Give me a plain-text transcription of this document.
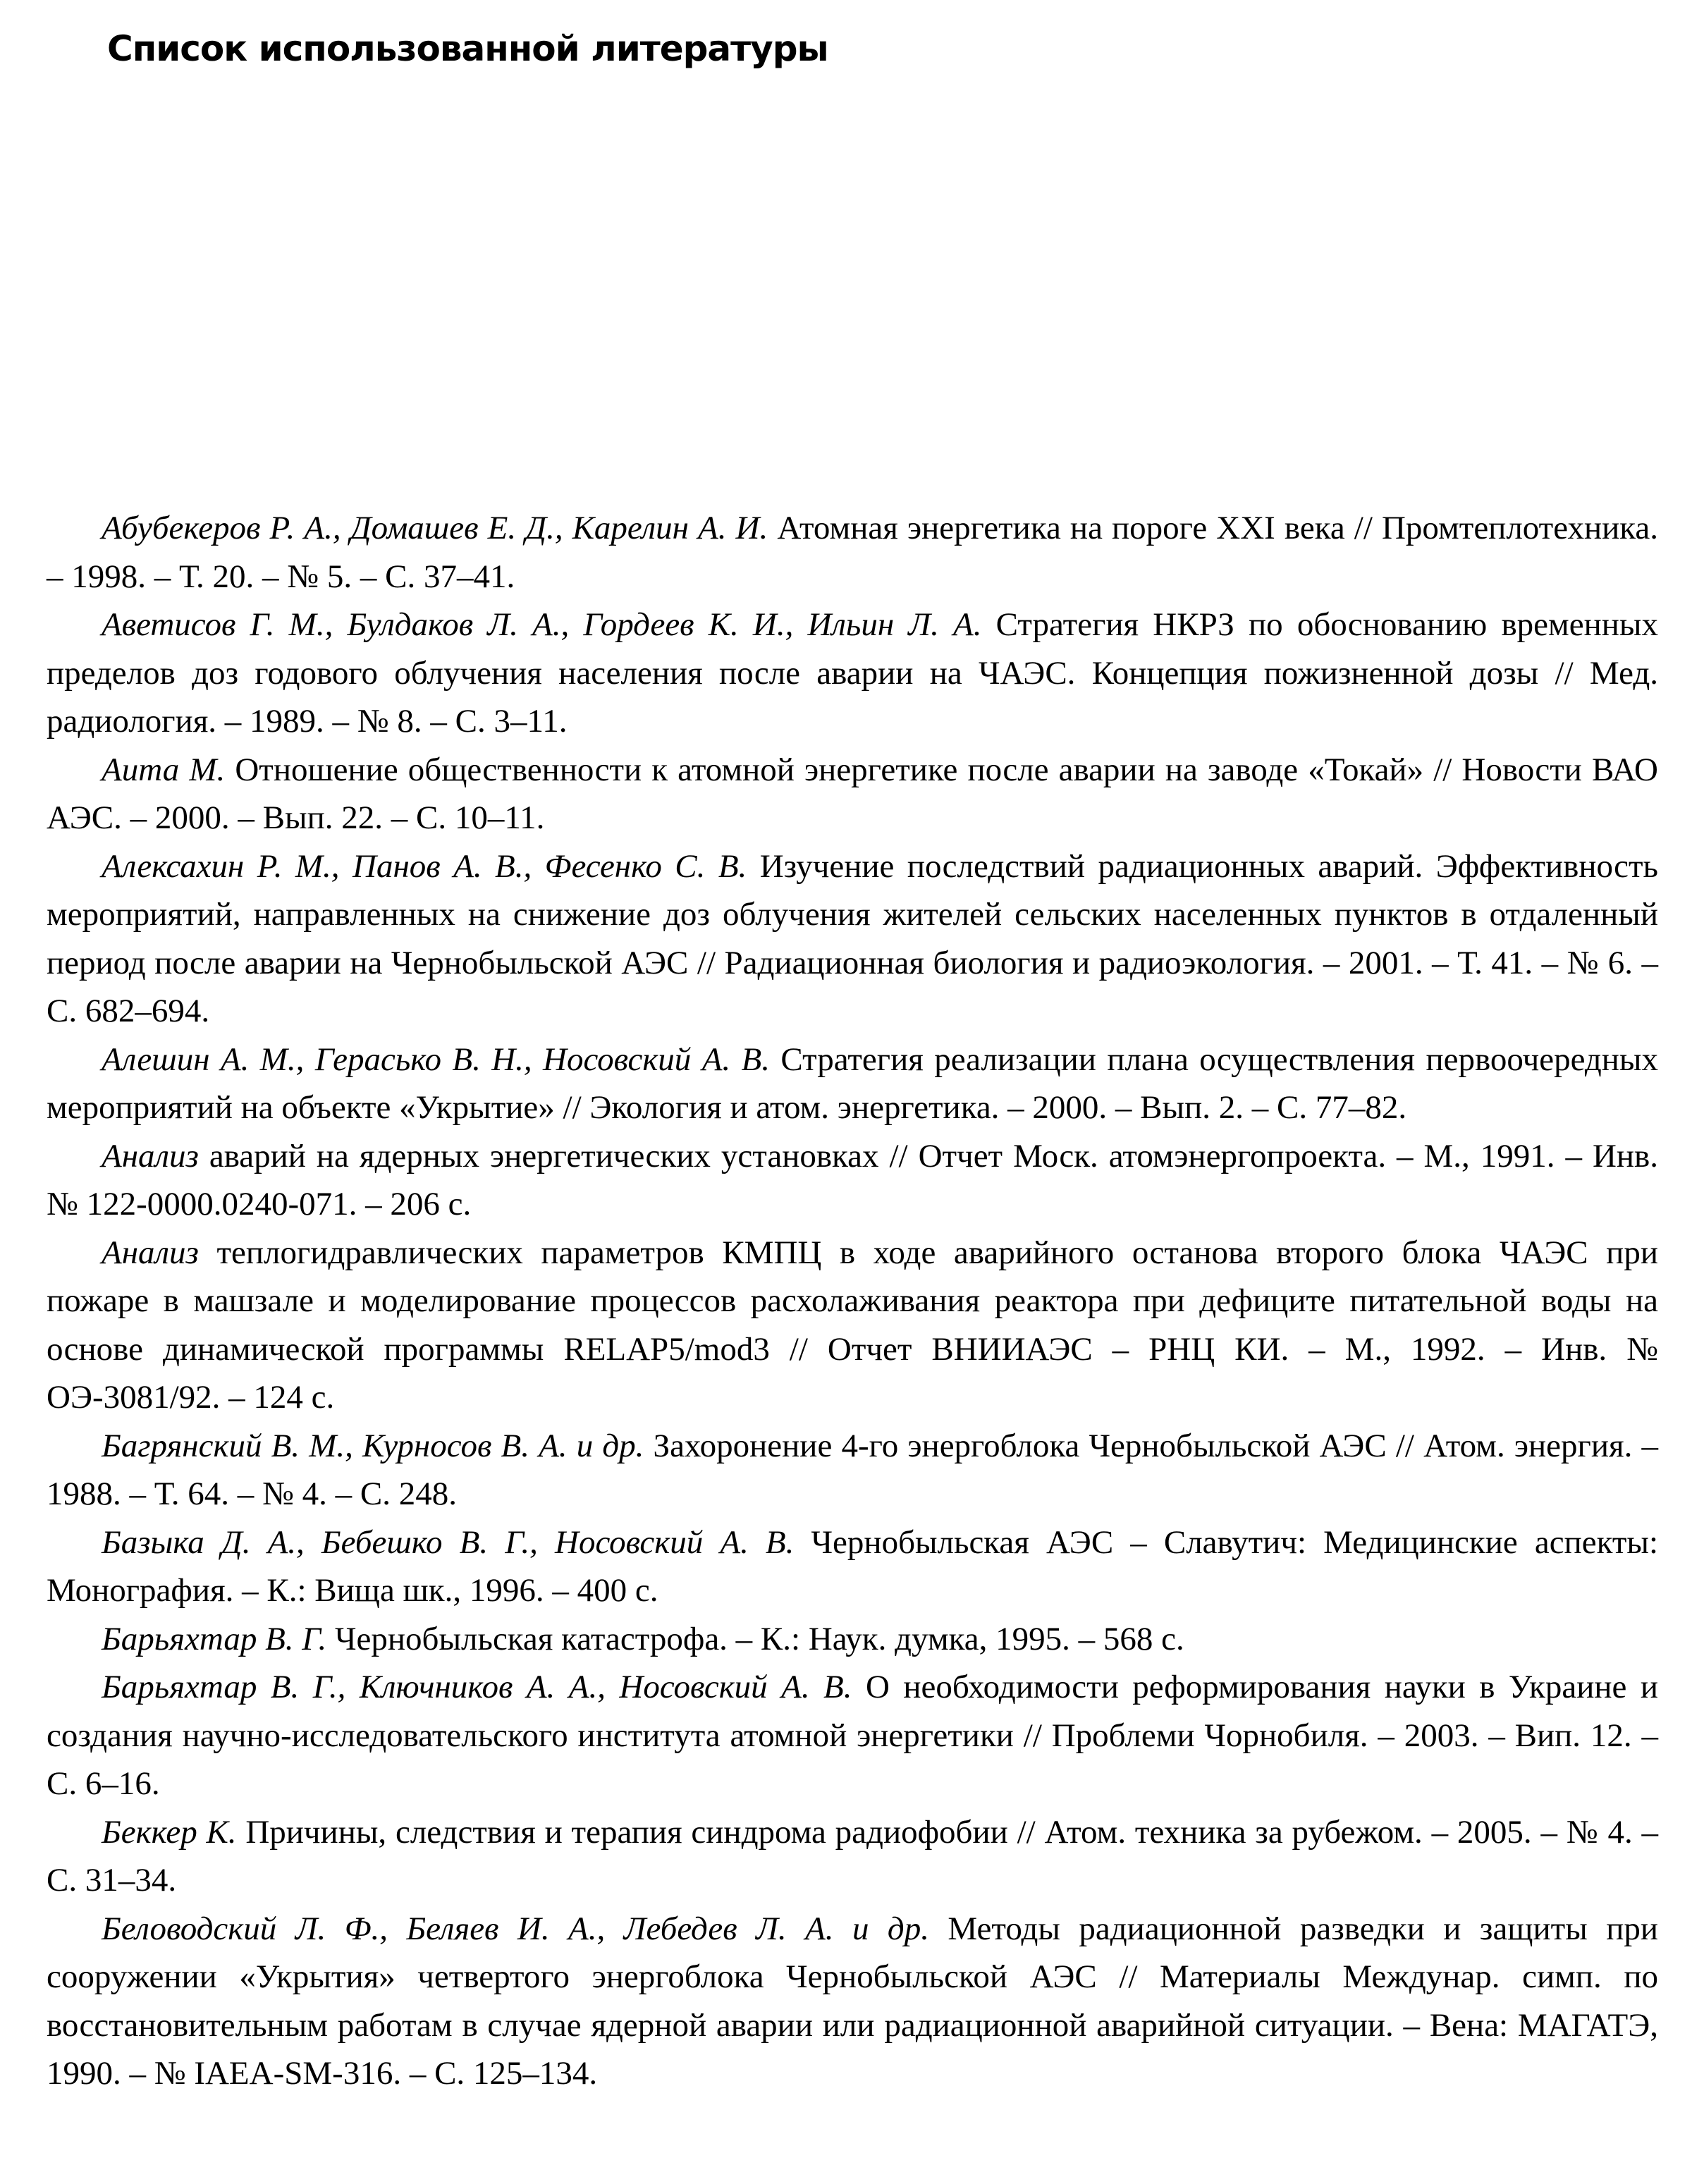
Список использованной литературы
Абубекеров Р. А., Домашев Е. Д., Карелин А. И. Атомная энергетика на пороге XXI века // Промтеплотехника. – 1998. – Т. 20. – № 5. – С. 37–41.
Аветисов Г. М., Булдаков Л. А., Гордеев К. И., Ильин Л. А. Стратегия НКРЗ по обоснованию временных пределов доз годового облучения населения после аварии на ЧАЭС. Концепция пожизненной дозы // Мед. радиология. – 1989. – № 8. – С. 3–11.
Аита М. Отношение общественности к атомной энергетике после аварии на заводе «Токай» // Новости ВАО АЭС. – 2000. – Вып. 22. – С. 10–11.
Алексахин Р. М., Панов А. В., Фесенко С. В. Изучение последствий радиационных аварий. Эффективность мероприятий, направленных на снижение доз облучения жителей сельских населенных пунктов в отдаленный период после аварии на Чернобыльской АЭС // Радиационная биология и радиоэкология. – 2001. – Т. 41. – № 6. – С. 682–694.
Алешин А. М., Герасько В. Н., Носовский А. В. Стратегия реализации плана осуществления первоочередных мероприятий на объекте «Укрытие» // Экология и атом. энергетика. – 2000. – Вып. 2. – С. 77–82.
Анализ аварий на ядерных энергетических установках // Отчет Моск. атомэнергопроекта. – М., 1991. – Инв. № 122-0000.0240-071. – 206 с.
Анализ теплогидравлических параметров КМПЦ в ходе аварийного останова второго блока ЧАЭС при пожаре в машзале и моделирование процессов расхолаживания реактора при дефиците питательной воды на основе динамической программы RELAP5/mod3 // Отчет ВНИИАЭС – РНЦ КИ. – М., 1992. – Инв. № ОЭ-3081/92. – 124 с.
Багрянский В. М., Курносов В. А. и др. Захоронение 4-го энергоблока Чернобыльской АЭС // Атом. энергия. – 1988. – Т. 64. – № 4. – С. 248.
Базыка Д. А., Бебешко В. Г., Носовский А. В. Чернобыльская АЭС – Славутич: Медицинские аспекты: Монография. – К.: Вища шк., 1996. – 400 с.
Барьяхтар В. Г. Чернобыльская катастрофа. – К.: Наук. думка, 1995. – 568 с.
Барьяхтар В. Г., Ключников А. А., Носовский А. В. О необходимости реформирования науки в Украине и создания научно-исследовательского института атомной энергетики // Проблеми Чорнобиля. – 2003. – Вип. 12. – С. 6–16.
Беккер К. Причины, следствия и терапия синдрома радиофобии // Атом. техника за рубежом. – 2005. – № 4. – С. 31–34.
Беловодский Л. Ф., Беляев И. А., Лебедев Л. А. и др. Методы радиационной разведки и защиты при сооружении «Укрытия» четвертого энергоблока Чернобыльской АЭС // Материалы Междунар. симп. по восстановительным работам в случае ядерной аварии или радиационной аварийной ситуации. – Вена: МАГАТЭ, 1990. – № IAEA-SM-316. – С. 125–134.
